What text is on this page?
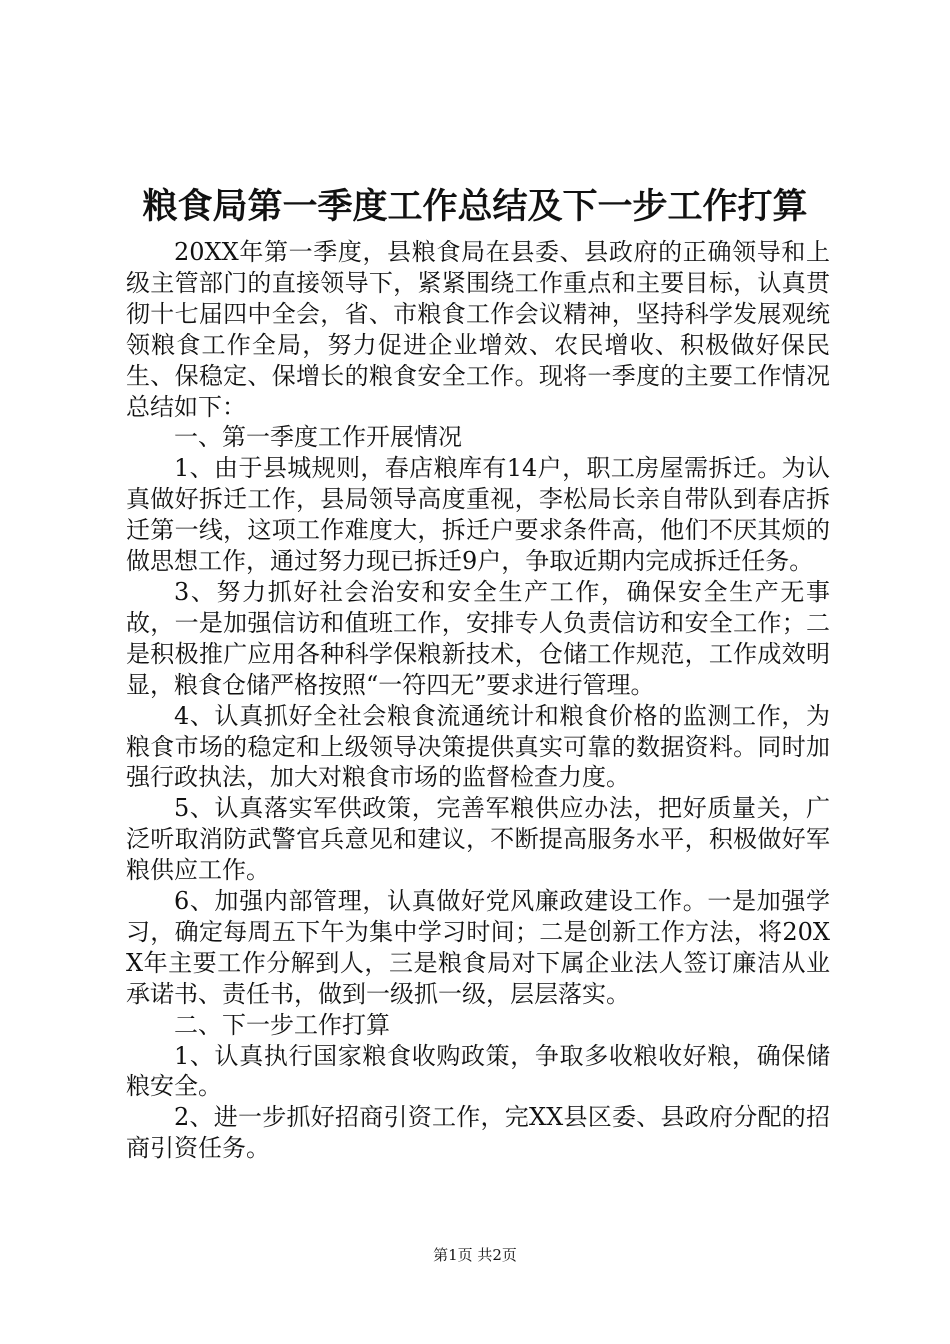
粮食局第一季度工作总结及下一步工作打算

20XX年第一季度，县粮食局在县委、县政府的正确领导和上级主管部门的直接领导下，紧紧围绕工作重点和主要目标，认真贯彻十七届四中全会，省、市粮食工作会议精神，坚持科学发展观统领粮食工作全局，努力促进企业增效、农民增收、积极做好保民生、保稳定、保增长的粮食安全工作。现将一季度的主要工作情况总结如下：

一、第一季度工作开展情况

1、由于县城规则，春店粮库有14户，职工房屋需拆迁。为认真做好拆迁工作，县局领导高度重视，李松局长亲自带队到春店拆迁第一线，这项工作难度大，拆迁户要求条件高，他们不厌其烦的做思想工作，通过努力现已拆迁9户，争取近期内完成拆迁任务。

3、努力抓好社会治安和安全生产工作，确保安全生产无事故，一是加强信访和值班工作，安排专人负责信访和安全工作；二是积极推广应用各种科学保粮新技术，仓储工作规范，工作成效明显，粮食仓储严格按照“一符四无”要求进行管理。

4、认真抓好全社会粮食流通统计和粮食价格的监测工作，为粮食市场的稳定和上级领导决策提供真实可靠的数据资料。同时加强行政执法，加大对粮食市场的监督检查力度。

5、认真落实军供政策，完善军粮供应办法，把好质量关，广泛听取消防武警官兵意见和建议，不断提高服务水平，积极做好军粮供应工作。

6、加强内部管理，认真做好党风廉政建设工作。一是加强学习，确定每周五下午为集中学习时间；二是创新工作方法，将20XX年主要工作分解到人，三是粮食局对下属企业法人签订廉洁从业承诺书、责任书，做到一级抓一级，层层落实。

二、下一步工作打算

1、认真执行国家粮食收购政策，争取多收粮收好粮，确保储粮安全。

2、进一步抓好招商引资工作，完XX县区委、县政府分配的招商引资任务。

第1页 共2页
